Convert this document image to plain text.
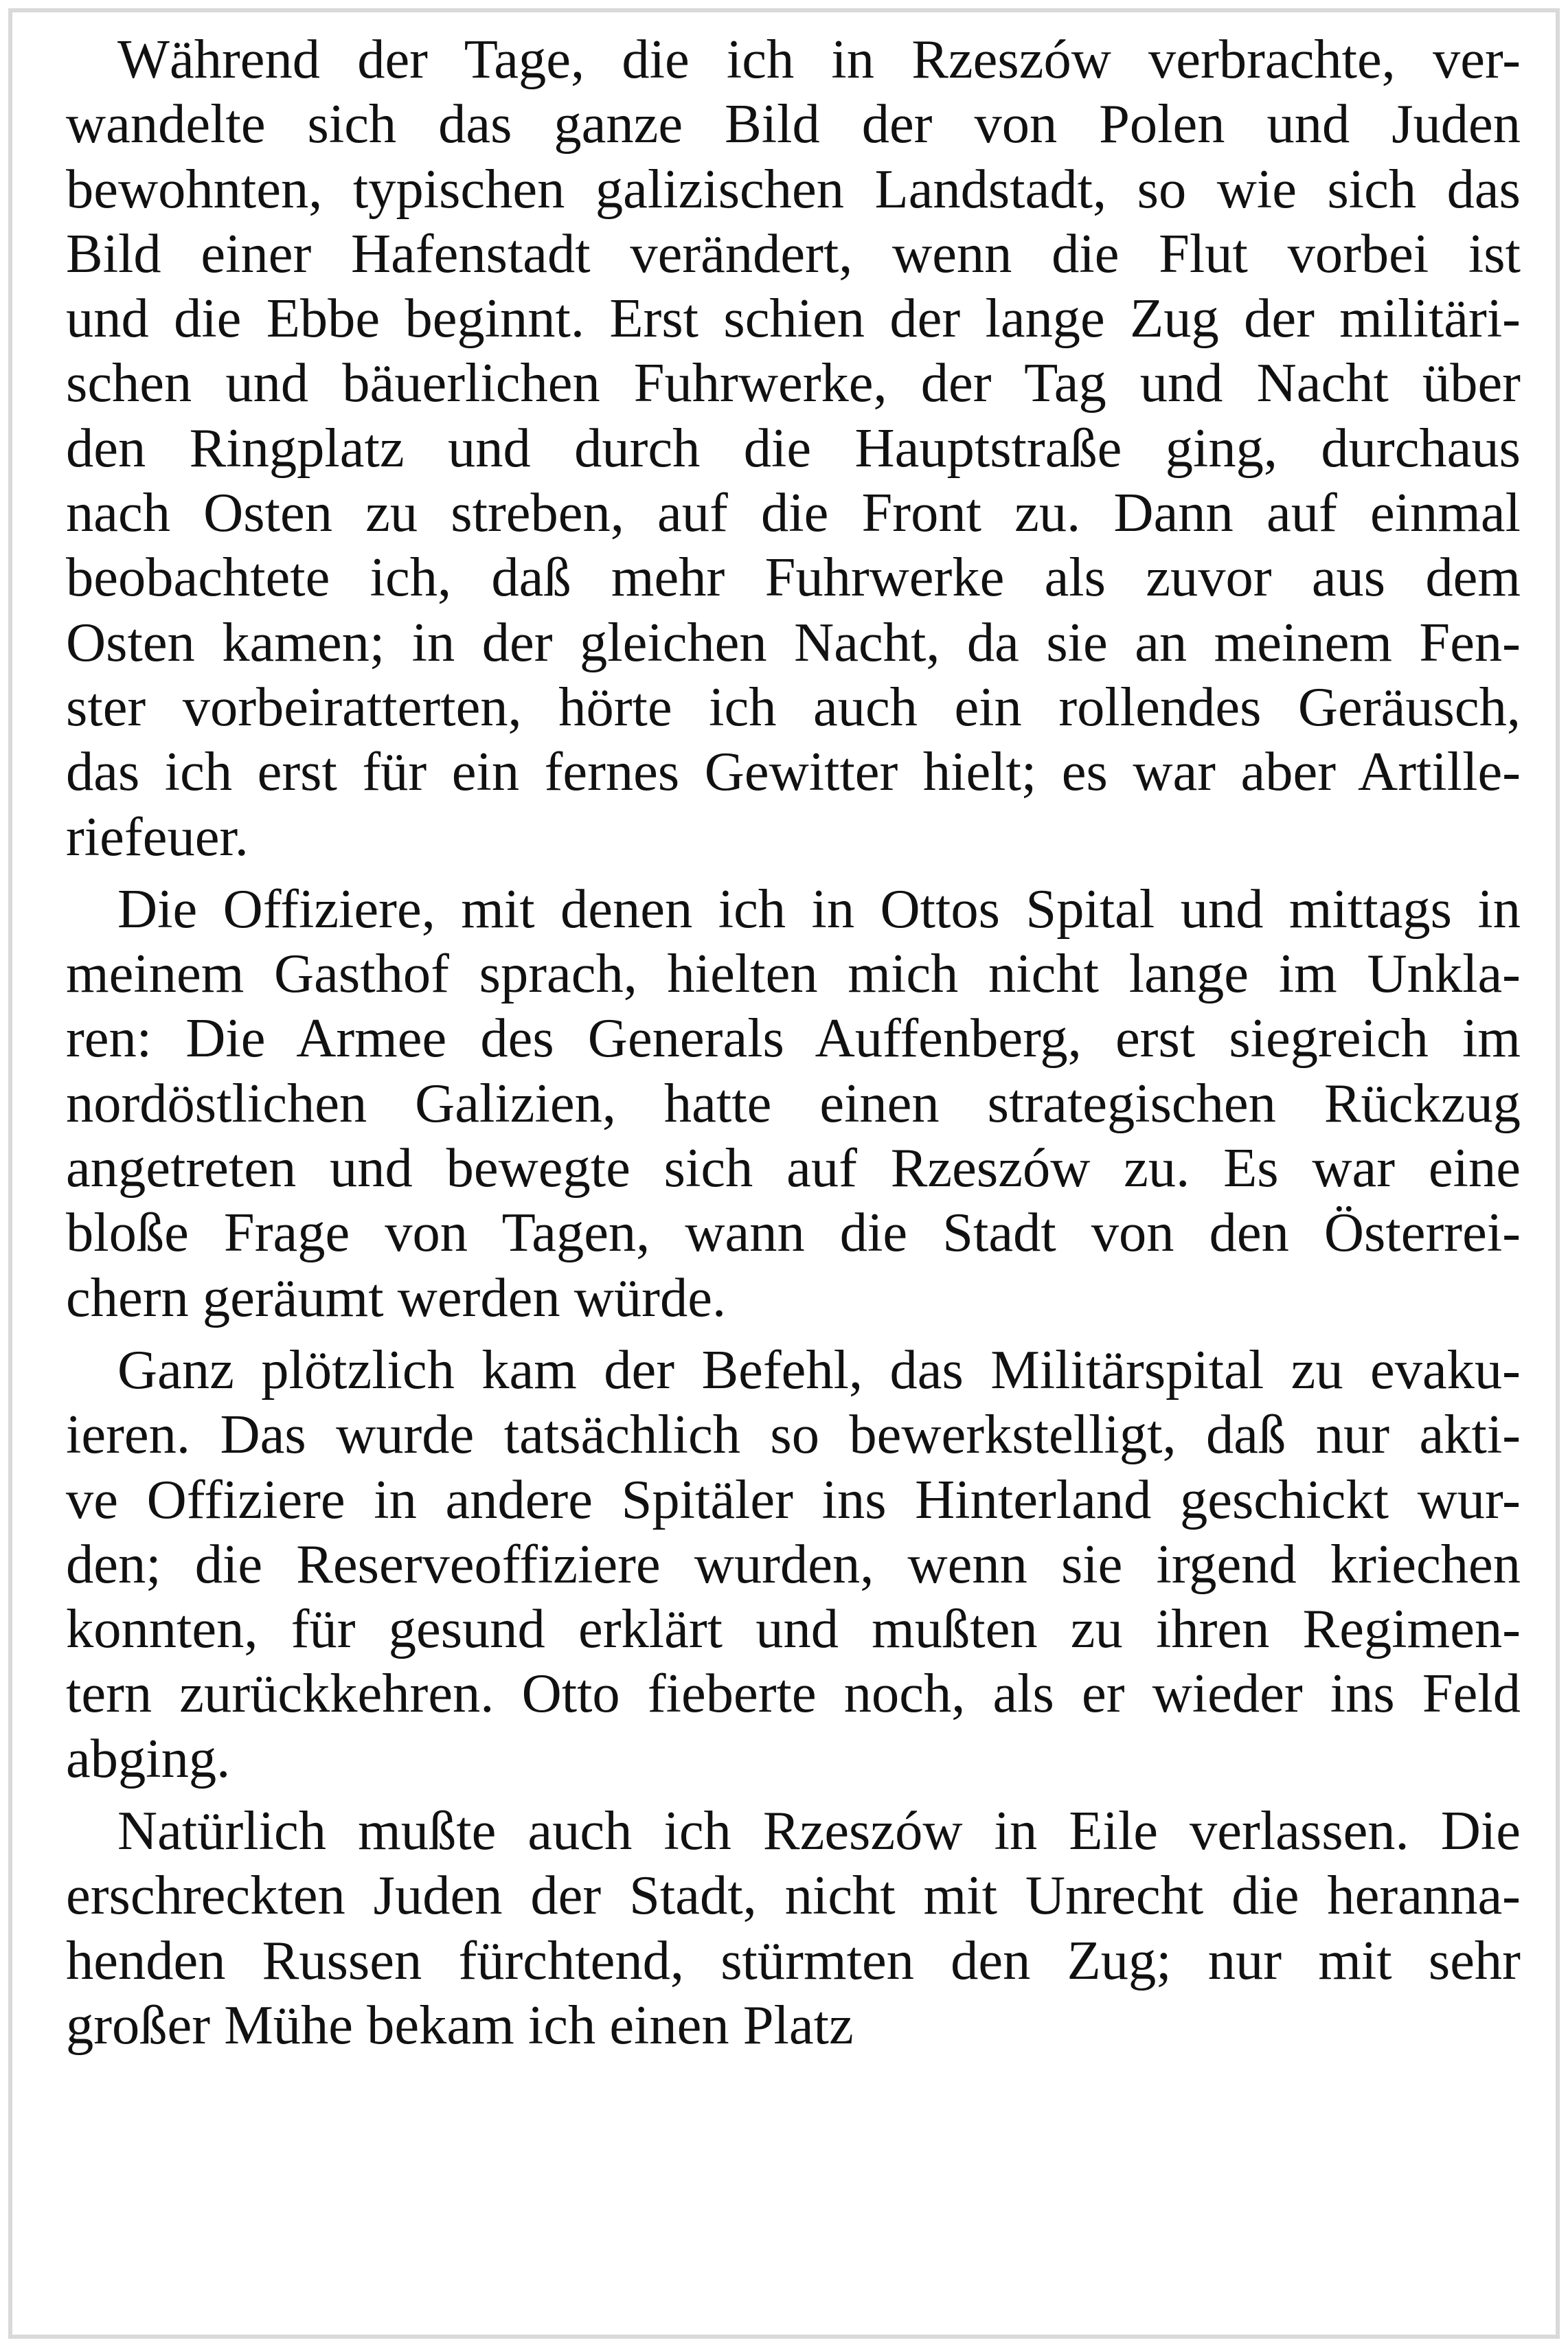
Während der Tage, die ich in Rzeszów verbrachte, ver-
wandelte sich das ganze Bild der von Polen und Juden
bewohnten, typischen galizischen Landstadt, so wie sich das
Bild einer Hafenstadt verändert, wenn die Flut vorbei ist
und die Ebbe beginnt. Erst schien der lange Zug der militäri-
schen und bäuerlichen Fuhrwerke, der Tag und Nacht über
den Ringplatz und durch die Hauptstraße ging, durchaus
nach Osten zu streben, auf die Front zu. Dann auf einmal
beobachtete ich, daß mehr Fuhrwerke als zuvor aus dem
Osten kamen; in der gleichen Nacht, da sie an meinem Fen-
ster vorbeiratterten, hörte ich auch ein rollendes Geräusch,
das ich erst für ein fernes Gewitter hielt; es war aber Artille-
riefeuer.
Die Offiziere, mit denen ich in Ottos Spital und mittags in
meinem Gasthof sprach, hielten mich nicht lange im Unkla-
ren: Die Armee des Generals Auffenberg, erst siegreich im
nordöstlichen Galizien, hatte einen strategischen Rückzug
angetreten und bewegte sich auf Rzeszów zu. Es war eine
bloße Frage von Tagen, wann die Stadt von den Österrei-
chern geräumt werden würde.
Ganz plötzlich kam der Befehl, das Militärspital zu evaku-
ieren. Das wurde tatsächlich so bewerkstelligt, daß nur akti-
ve Offiziere in andere Spitäler ins Hinterland geschickt wur-
den; die Reserveoffiziere wurden, wenn sie irgend kriechen
konnten, für gesund erklärt und mußten zu ihren Regimen-
tern zurückkehren. Otto fieberte noch, als er wieder ins Feld
abging.
Natürlich mußte auch ich Rzeszów in Eile verlassen. Die
erschreckten Juden der Stadt, nicht mit Unrecht die heranna-
henden Russen fürchtend, stürmten den Zug; nur mit sehr
großer Mühe bekam ich einen Platz
